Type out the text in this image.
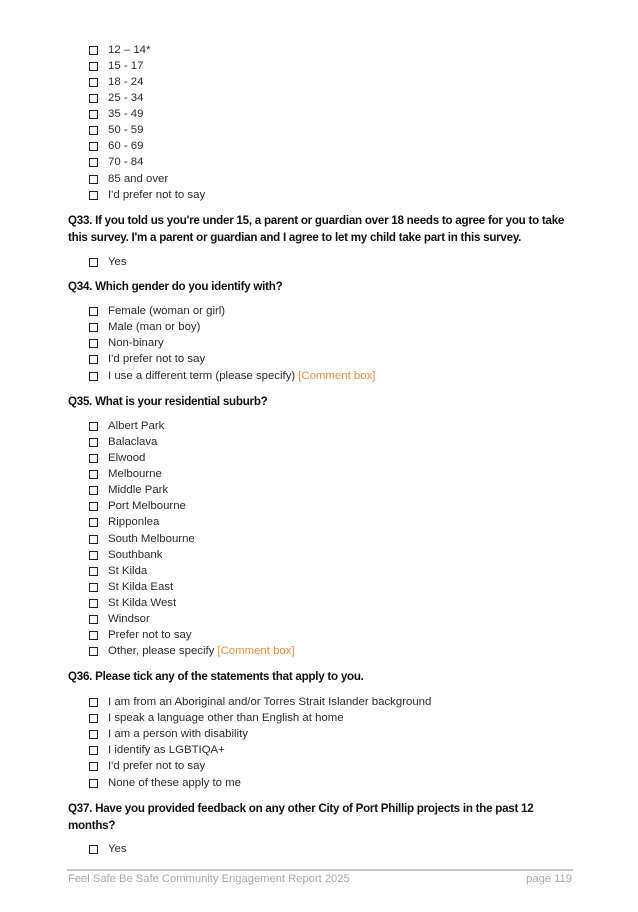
12 – 14*
15 - 17
18 - 24
25 - 34
35 - 49
50 - 59
60 - 69
70 - 84
85 and over
I'd prefer not to say
Q33. If you told us you're under 15, a parent or guardian over 18 needs to agree for you to take this survey. I'm a parent or guardian and I agree to let my child take part in this survey.
Yes
Q34. Which gender do you identify with?
Female (woman or girl)
Male (man or boy)
Non-binary
I'd prefer not to say
I use a different term (please specify) [Comment box]
Q35. What is your residential suburb?
Albert Park
Balaclava
Elwood
Melbourne
Middle Park
Port Melbourne
Ripponlea
South Melbourne
Southbank
St Kilda
St Kilda East
St Kilda West
Windsor
Prefer not to say
Other, please specify [Comment box]
Q36. Please tick any of the statements that apply to you.
I am from an Aboriginal and/or Torres Strait Islander background
I speak a language other than English at home
I am a person with disability
I identify as LGBTIQA+
I'd prefer not to say
None of these apply to me
Q37. Have you provided feedback on any other City of Port Phillip projects in the past 12 months?
Yes
Feel Safe Be Safe Community Engagement Report 2025	page 119
